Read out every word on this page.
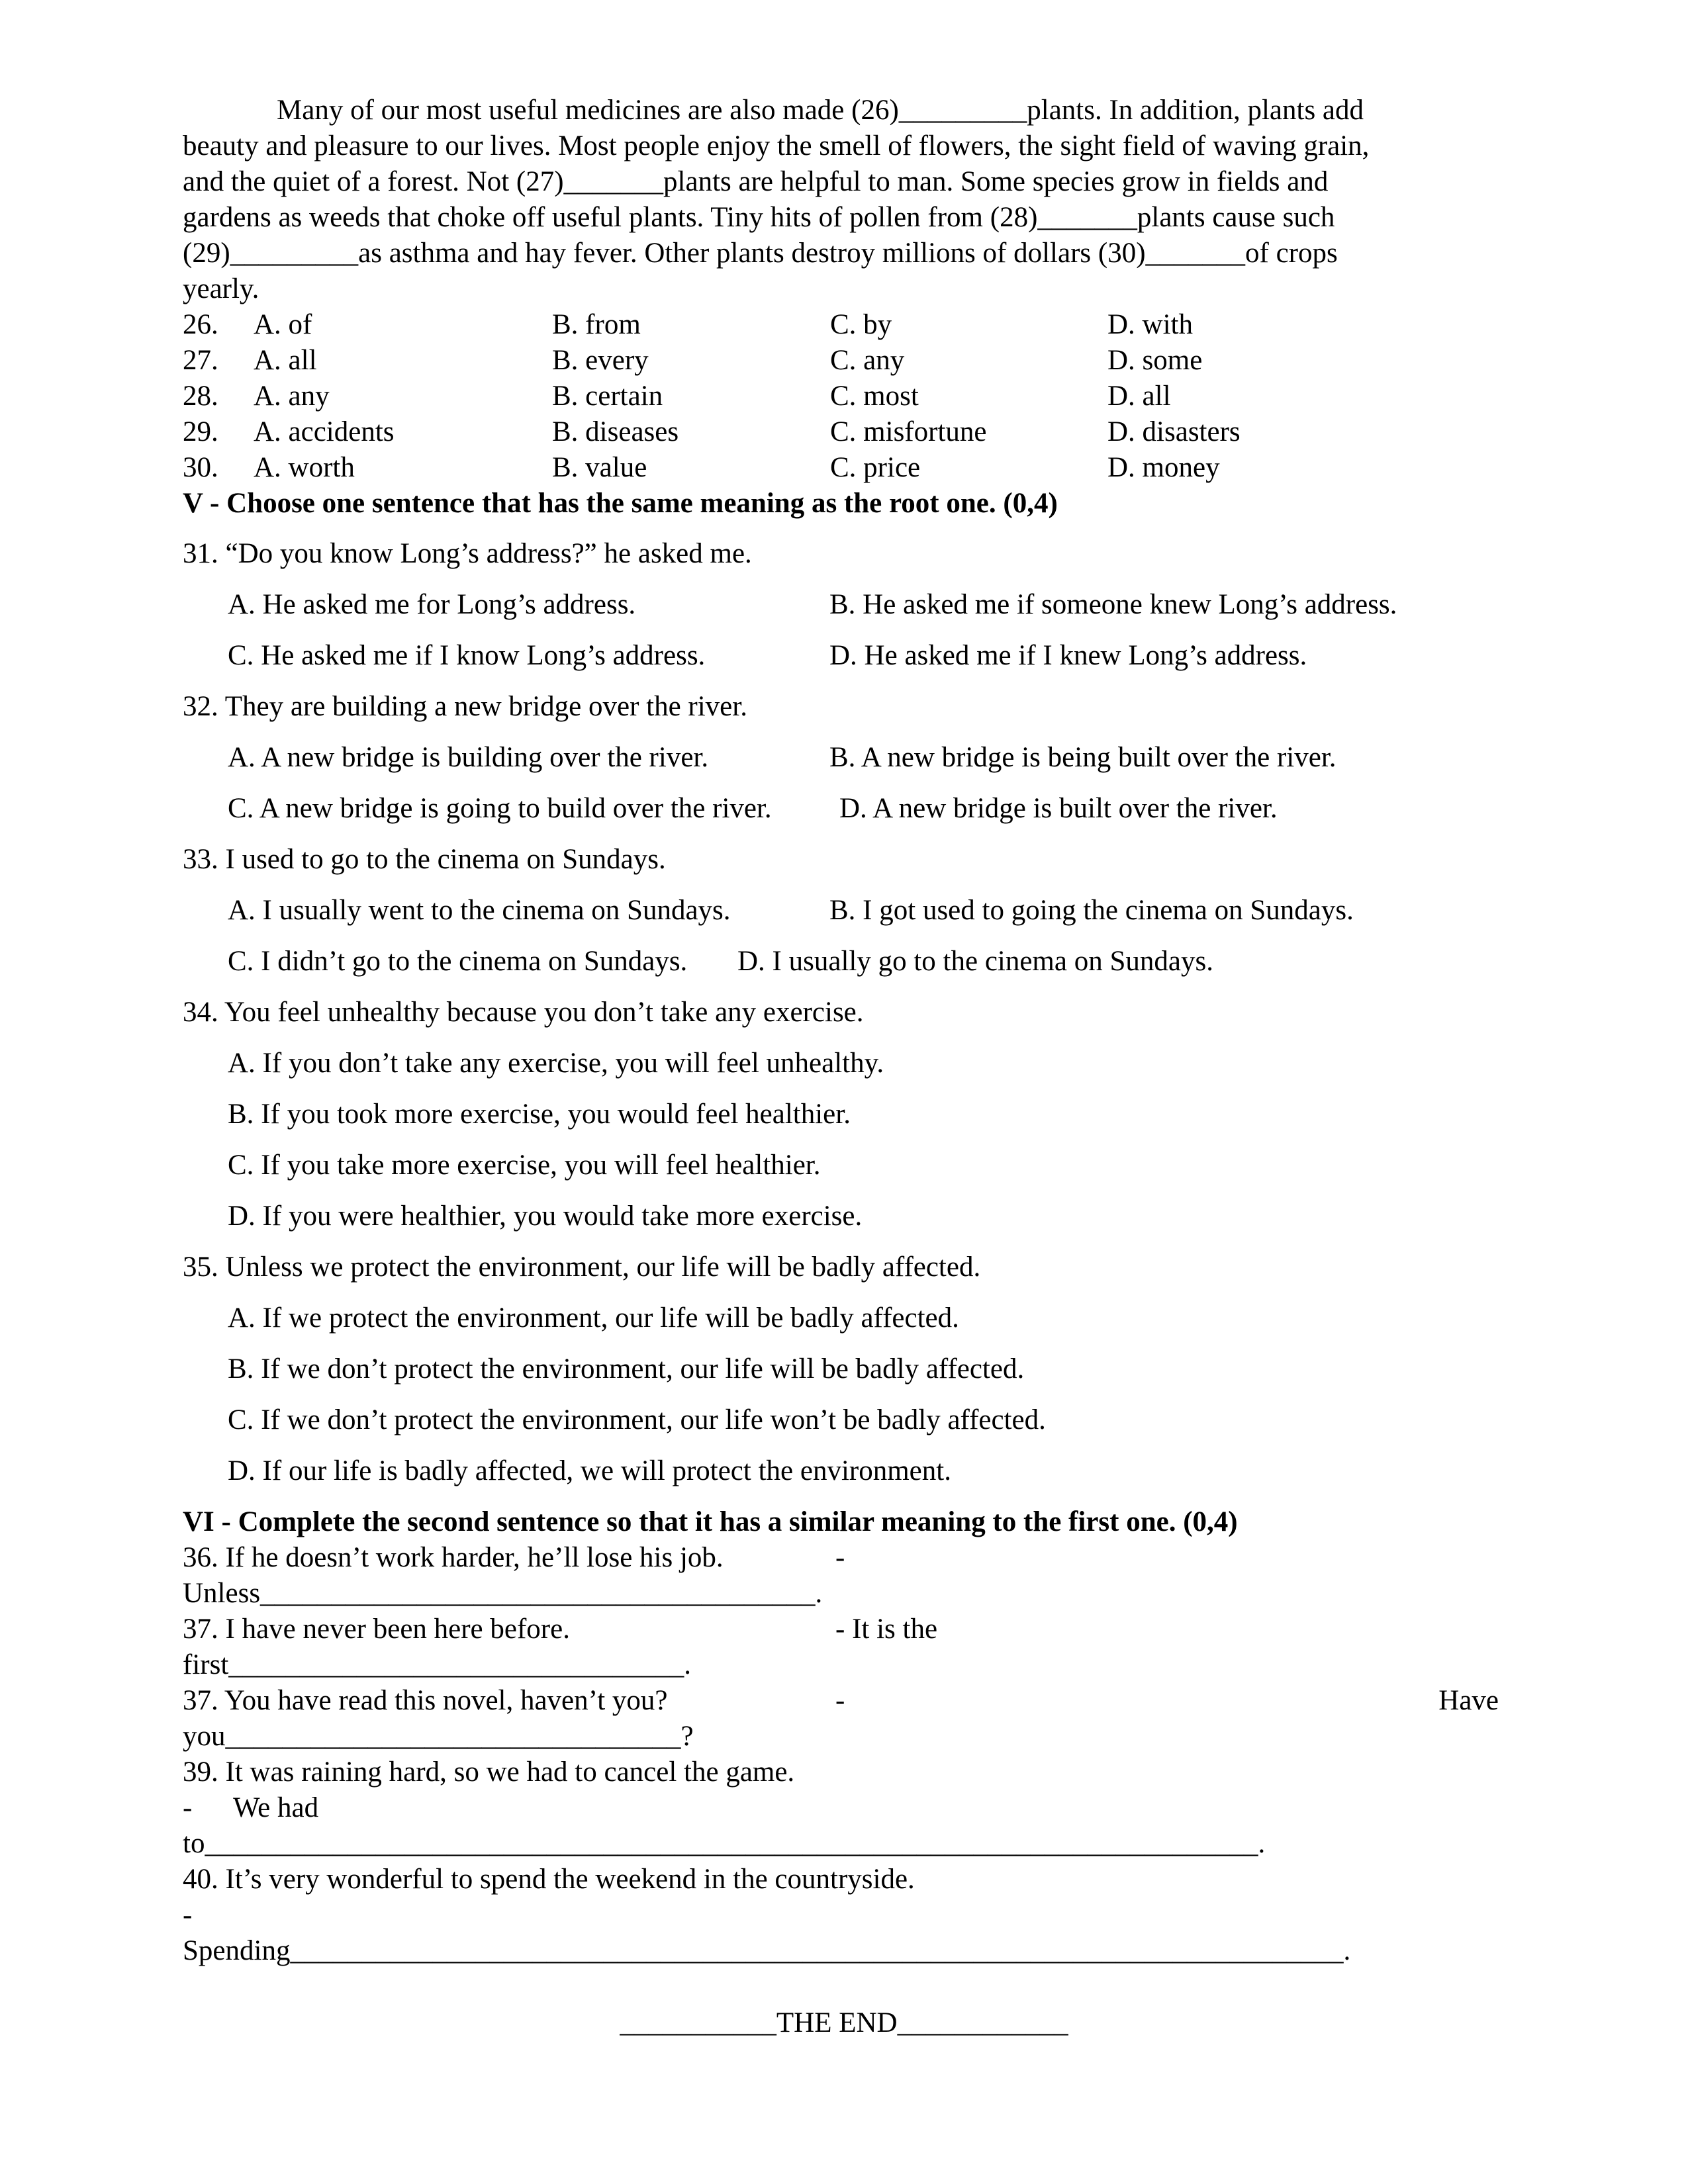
Many of our most useful medicines are also made (26)_________plants. In addition, plants add

beauty and pleasure to our lives. Most people enjoy the smell of flowers, the sight field of waving grain,

and the quiet of a forest. Not (27)_______plants are helpful to man. Some species grow in fields and

gardens as weeds that choke off useful plants. Tiny hits of pollen from (28)_______plants cause such

(29)_________as asthma and hay fever. Other plants destroy millions of dollars (30)_______of crops

yearly.

26. A. of	B. from	C. by	D. with
27. A. all	B. every	C. any	D. some
28. A. any	B. certain	C. most	D. all
29. A. accidents	B. diseases	C. misfortune	D. disasters
30. A. worth	B. value	C. price	D. money
V - Choose one sentence that has the same meaning as the root one. (0,4)
31. “Do you know Long’s address?” he asked me.
A. He asked me for Long’s address.	B. He asked me if someone knew Long’s address.
C. He asked me if I know Long’s address.	D. He asked me if I knew Long’s address.
32. They are building a new bridge over the river.
A. A new bridge is building over the river.	B. A new bridge is being built over the river.
C. A new bridge is going to build over the river. D. A new bridge is built over the river.
33. I used to go to the cinema on Sundays.
A. I usually went to the cinema on Sundays.	B. I got used to going the cinema on Sundays.
C. I didn’t go to the cinema on Sundays. D. I usually go to the cinema on Sundays.
34. You feel unhealthy because you don’t take any exercise.
A. If you don’t take any exercise, you will feel unhealthy.
B. If you took more exercise, you would feel healthier.
C. If you take more exercise, you will feel healthier.
D. If you were healthier, you would take more exercise.
35. Unless we protect the environment, our life will be badly affected.
A. If we protect the environment, our life will be badly affected.
B. If we don’t protect the environment, our life will be badly affected.
C. If we don’t protect the environment, our life won’t be badly affected.
D. If our life is badly affected, we will protect the environment.
VI - Complete the second sentence so that it has a similar meaning to the first one. (0,4)
36. If he doesn’t work harder, he’ll lose his job.	-
Unless_______________________________________.
37. I have never been here before.	- It is the
first________________________________.
37. You have read this novel, haven’t you?	-	Have
you________________________________?
39. It was raining hard, so we had to cancel the game.
- We had
to__________________________________________________________________________.
40. It’s very wonderful to spend the weekend in the countryside.
-
Spending__________________________________________________________________________.
___________THE END____________
